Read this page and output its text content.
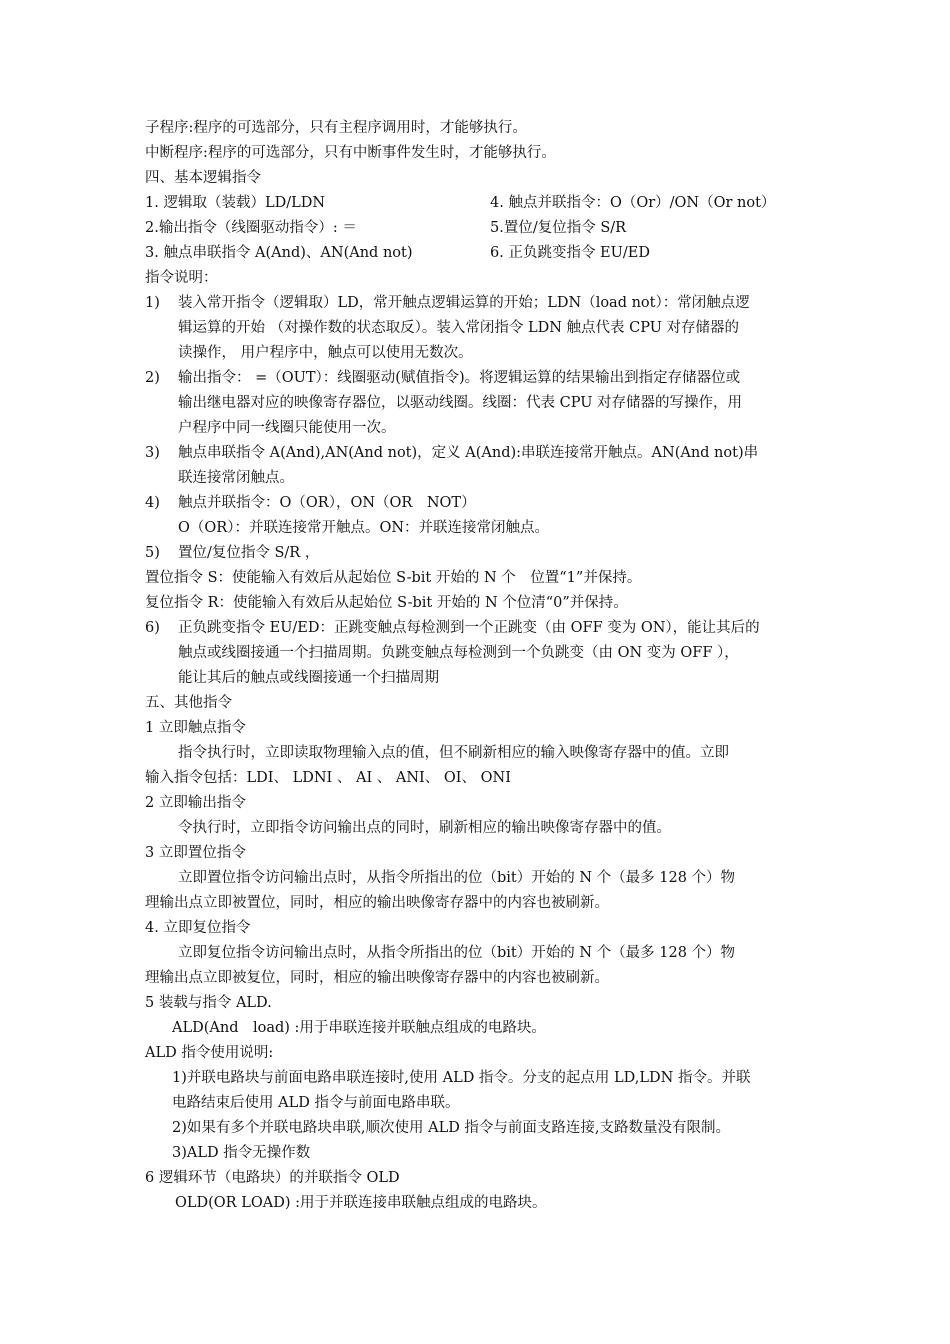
子程序:程序的可选部分，只有主程序调用时，才能够执行。
中断程序:程序的可选部分，只有中断事件发生时，才能够执行。
四、基本逻辑指令
1. 逻辑取（装载）LD/LDN	4. 触点并联指令：O（Or）/ON（Or not）
2.输出指令（线圈驱动指令）: ＝	5.置位/复位指令 S/R
3. 触点串联指令 A(And)、AN(And not)	6. 正负跳变指令 EU/ED
指令说明：
1) 装入常开指令（逻辑取）LD，常开触点逻辑运算的开始；LDN（load not）：常闭触点逻
辑运算的开始 （对操作数的状态取反）。装入常闭指令 LDN 触点代表 CPU 对存储器的
读操作， 用户程序中，触点可以使用无数次。
2) 输出指令： =（OUT）：线圈驱动(赋值指令)。将逻辑运算的结果输出到指定存储器位或
输出继电器对应的映像寄存器位，以驱动线圈。线圈：代表 CPU 对存储器的写操作，用
户程序中同一线圈只能使用一次。
3) 触点串联指令 A(And),AN(And not)，定义 A(And):串联连接常开触点。AN(And not)串
联连接常闭触点。
4) 触点并联指令：O（OR），ON（OR　NOT）
O（OR）：并联连接常开触点。ON：并联连接常闭触点。
5) 置位/复位指令 S/R ，
置位指令 S：使能输入有效后从起始位 S-bit 开始的 N 个　位置“1”并保持。
复位指令 R：使能输入有效后从起始位 S-bit 开始的 N 个位清“0”并保持。
6) 正负跳变指令 EU/ED：正跳变触点每检测到一个正跳变（由 OFF 变为 ON），能让其后的
触点或线圈接通一个扫描周期。负跳变触点每检测到一个负跳变（由 ON 变为 OFF ），
能让其后的触点或线圈接通一个扫描周期
五、其他指令
1 立即触点指令
指令执行时，立即读取物理输入点的值，但不刷新相应的输入映像寄存器中的值。立即
输入指令包括：LDI、 LDNI 、 AI 、 ANI、 OI、 ONI
2 立即输出指令
令执行时，立即指令访问输出点的同时，刷新相应的输出映像寄存器中的值。
3 立即置位指令
立即置位指令访问输出点时，从指令所指出的位（bit）开始的 N 个（最多 128 个）物
理输出点立即被置位，同时，相应的输出映像寄存器中的内容也被刷新。
4. 立即复位指令
立即复位指令访问输出点时，从指令所指出的位（bit）开始的 N 个（最多 128 个）物
理输出点立即被复位，同时，相应的输出映像寄存器中的内容也被刷新。
5 装载与指令 ALD.
ALD(And　load) :用于串联连接并联触点组成的电路块。
ALD 指令使用说明:
1)并联电路块与前面电路串联连接时,使用 ALD 指令。分支的起点用 LD,LDN 指令。并联
电路结束后使用 ALD 指令与前面电路串联。
2)如果有多个并联电路块串联,顺次使用 ALD 指令与前面支路连接,支路数量没有限制。
3)ALD 指令无操作数
6 逻辑环节（电路块）的并联指令 OLD
OLD(OR LOAD) :用于并联连接串联触点组成的电路块。
